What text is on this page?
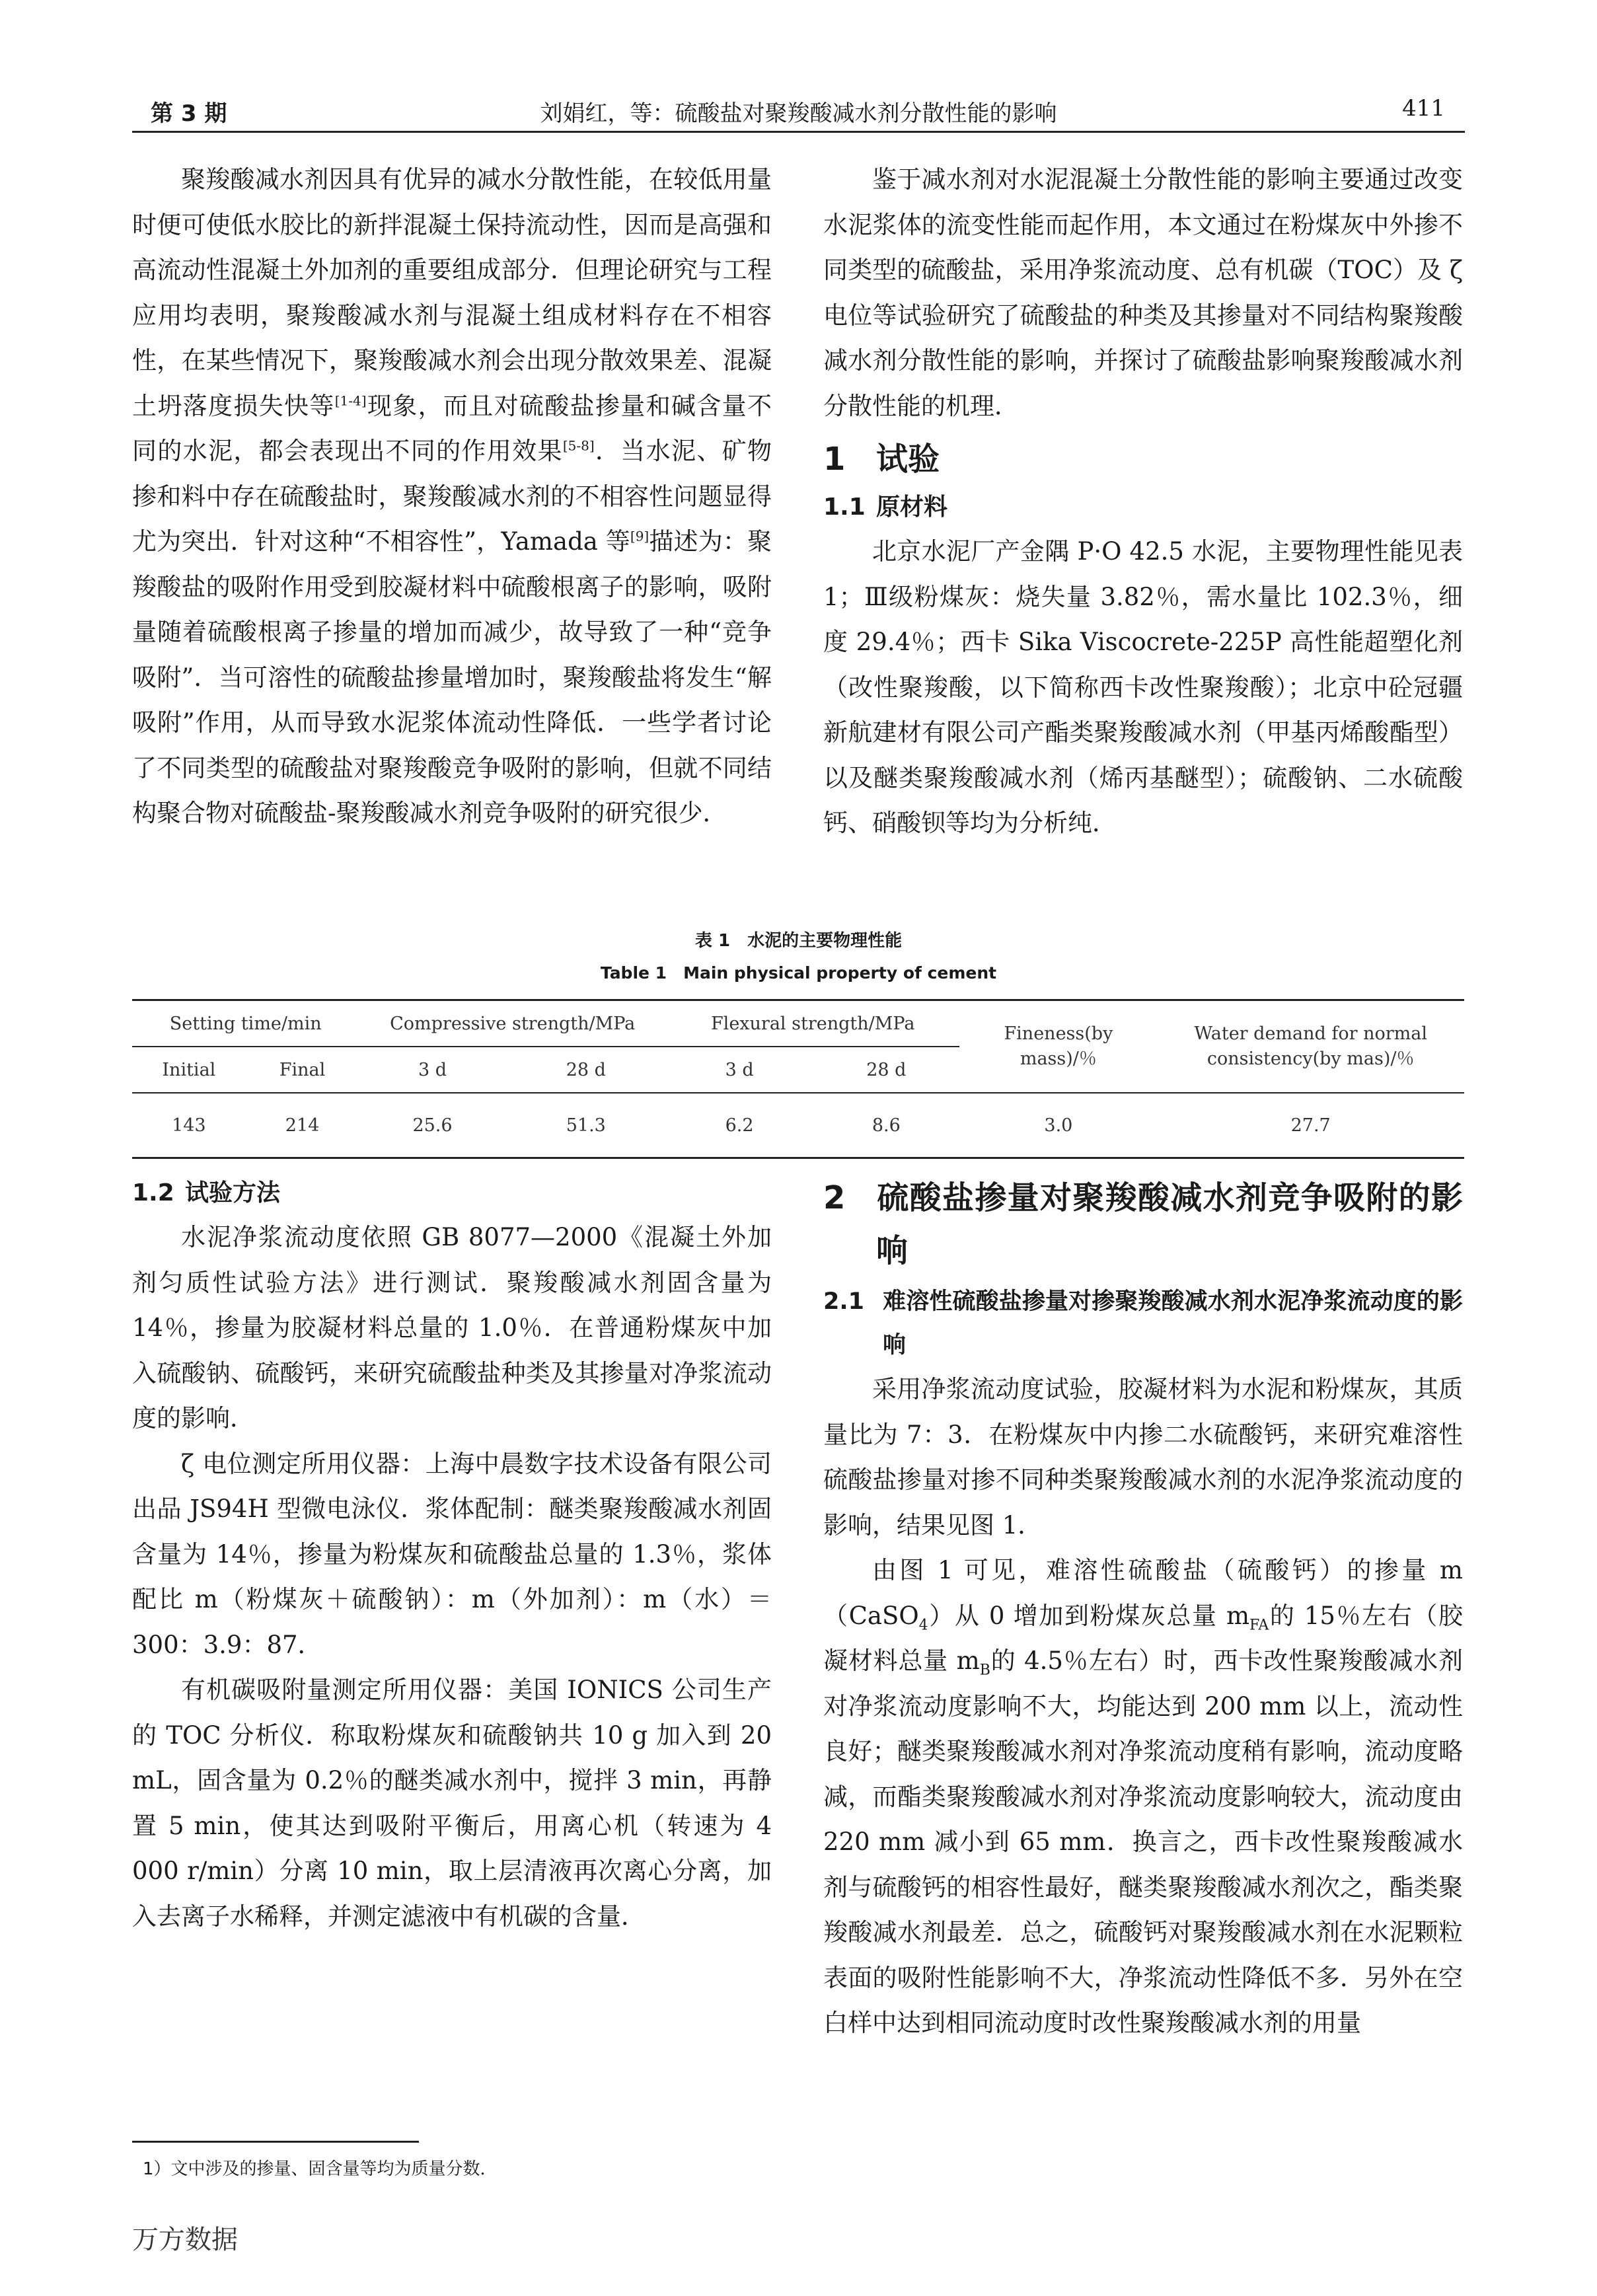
第 3 期	刘娟红，等：硫酸盐对聚羧酸减水剂分散性能的影响	411

聚羧酸减水剂因具有优异的减水分散性能，在较低用量时便可使低水胶比的新拌混凝土保持流动性，因而是高强和高流动性混凝土外加剂的重要组成部分．但理论研究与工程应用均表明，聚羧酸减水剂与混凝土组成材料存在不相容性，在某些情况下，聚羧酸减水剂会出现分散效果差、混凝土坍落度损失快等[1-4]现象，而且对硫酸盐掺量和碱含量不同的水泥，都会表现出不同的作用效果[5-8]．当水泥、矿物掺和料中存在硫酸盐时，聚羧酸减水剂的不相容性问题显得尤为突出．针对这种“不相容性”，Yamada 等[9]描述为：聚羧酸盐的吸附作用受到胶凝材料中硫酸根离子的影响，吸附量随着硫酸根离子掺量的增加而减少，故导致了一种“竞争吸附”．当可溶性的硫酸盐掺量增加时，聚羧酸盐将发生“解吸附”作用，从而导致水泥浆体流动性降低．一些学者讨论了不同类型的硫酸盐对聚羧酸竞争吸附的影响，但就不同结构聚合物对硫酸盐-聚羧酸减水剂竞争吸附的研究很少．

鉴于减水剂对水泥混凝土分散性能的影响主要通过改变水泥浆体的流变性能而起作用，本文通过在粉煤灰中外掺不同类型的硫酸盐，采用净浆流动度、总有机碳（TOC）及 ζ 电位等试验研究了硫酸盐的种类及其掺量对不同结构聚羧酸减水剂分散性能的影响，并探讨了硫酸盐影响聚羧酸减水剂分散性能的机理．

1 试验
1.1 原材料

北京水泥厂产金隅 P·O 42.5 水泥，主要物理性能见表 1；Ⅲ级粉煤灰：烧失量 3.82％，需水量比 102.3％，细度 29.4％；西卡 Sika Viscocrete-225P 高性能超塑化剂（改性聚羧酸，以下简称西卡改性聚羧酸）；北京中砼冠疆新航建材有限公司产酯类聚羧酸减水剂（甲基丙烯酸酯型）以及醚类聚羧酸减水剂（烯丙基醚型）；硫酸钠、二水硫酸钙、硝酸钡等均为分析纯．

表 1　水泥的主要物理性能
Table 1　Main physical property of cement
Setting time/min		Compressive strength/MPa		Flexural strength/MPa		Fineness(by mass)/％	Water demand for normal consistency(by mas)/％
Initial	Final	3 d	28 d	3 d	28 d		
143	214	25.6	51.3	6.2	8.6	3.0	27.7
1.2 试验方法

水泥净浆流动度依照 GB 8077—2000《混凝土外加剂匀质性试验方法》进行测试．聚羧酸减水剂固含量为 14％，掺量为胶凝材料总量的 1.0％．在普通粉煤灰中加入硫酸钠、硫酸钙，来研究硫酸盐种类及其掺量对净浆流动度的影响．

ζ 电位测定所用仪器：上海中晨数字技术设备有限公司出品 JS94H 型微电泳仪．浆体配制：醚类聚羧酸减水剂固含量为 14％，掺量为粉煤灰和硫酸盐总量的 1.3％，浆体配比 m（粉煤灰＋硫酸钠）：m（外加剂）：m（水）＝300：3.9：87．

有机碳吸附量测定所用仪器：美国 IONICS 公司生产的 TOC 分析仪．称取粉煤灰和硫酸钠共 10 g 加入到 20 mL，固含量为 0.2％的醚类减水剂中，搅拌 3 min，再静置 5 min，使其达到吸附平衡后，用离心机（转速为 4 000 r/min）分离 10 min，取上层清液再次离心分离，加入去离子水稀释，并测定滤液中有机碳的含量．

2 硫酸盐掺量对聚羧酸减水剂竞争吸附的影响
2.1 难溶性硫酸盐掺量对掺聚羧酸减水剂水泥净浆流动度的影响

采用净浆流动度试验，胶凝材料为水泥和粉煤灰，其质量比为 7：3．在粉煤灰中内掺二水硫酸钙，来研究难溶性硫酸盐掺量对掺不同种类聚羧酸减水剂的水泥净浆流动度的影响，结果见图 1．

由图 1 可见，难溶性硫酸盐（硫酸钙）的掺量 m（CaSO$_4$）从 0 增加到粉煤灰总量 $m_{FA}$的 15％左右（胶凝材料总量 $m_B$的 4.5％左右）时，西卡改性聚羧酸减水剂对净浆流动度影响不大，均能达到 200 mm 以上，流动性良好；醚类聚羧酸减水剂对净浆流动度稍有影响，流动度略减，而酯类聚羧酸减水剂对净浆流动度影响较大，流动度由 220 mm 减小到 65 mm．换言之，西卡改性聚羧酸减水剂与硫酸钙的相容性最好，醚类聚羧酸减水剂次之，酯类聚羧酸减水剂最差．总之，硫酸钙对聚羧酸减水剂在水泥颗粒表面的吸附性能影响不大，净浆流动性降低不多．另外在空白样中达到相同流动度时改性聚羧酸减水剂的用量

1）文中涉及的掺量、固含量等均为质量分数．
万方数据
